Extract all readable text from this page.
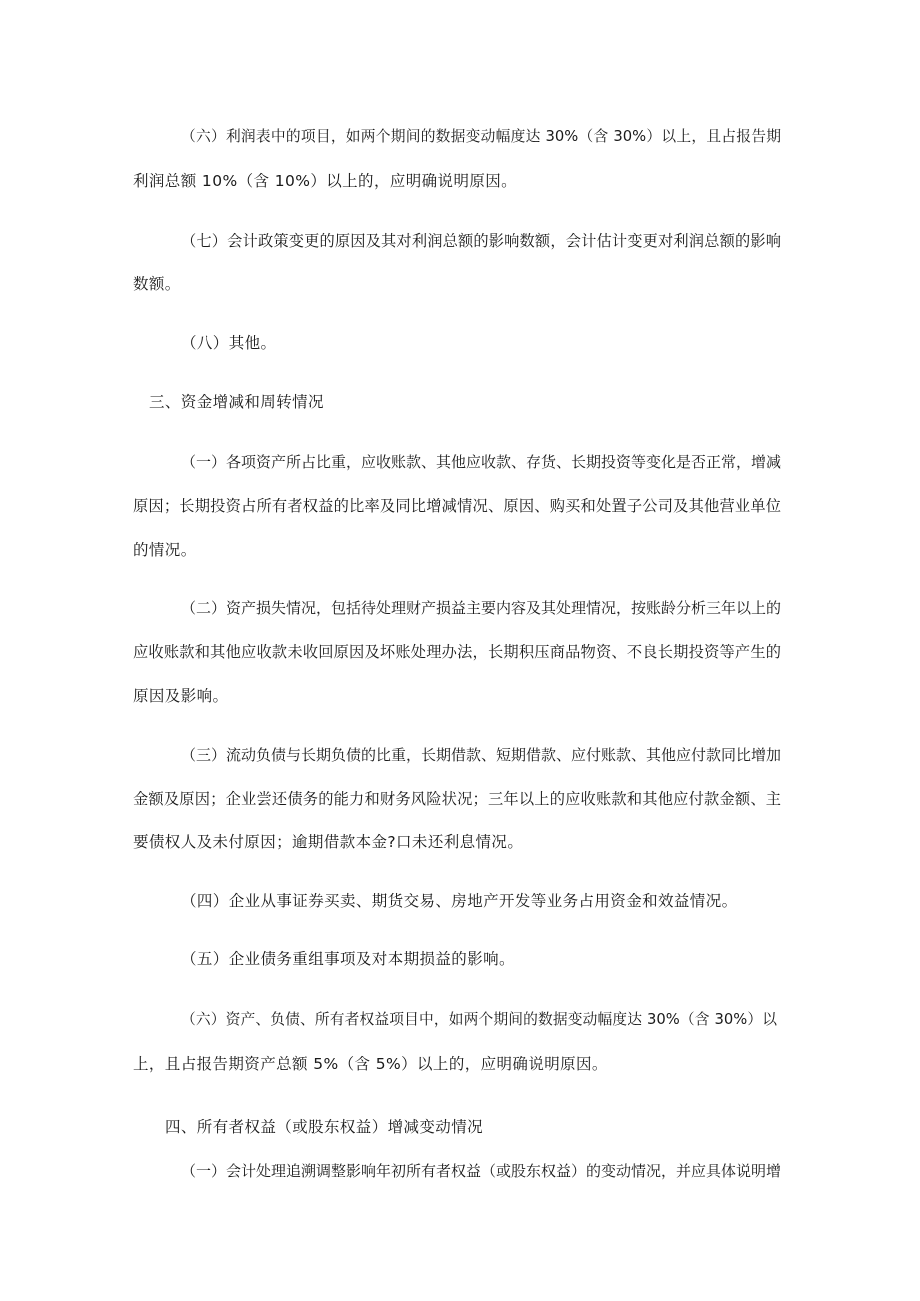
（六）利润表中的项目，如两个期间的数据变动幅度达 30%（含 30%）以上，且占报告期
利润总额 10%（含 10%）以上的，应明确说明原因。
（七）会计政策变更的原因及其对利润总额的影响数额，会计估计变更对利润总额的影响
数额。
（八）其他。
三、资金增减和周转情况
（一）各项资产所占比重，应收账款、其他应收款、存货、长期投资等变化是否正常，增减
原因；长期投资占所有者权益的比率及同比增减情况、原因、购买和处置子公司及其他营业单位
的情况。
（二）资产损失情况，包括待处理财产损益主要内容及其处理情况，按账龄分析三年以上的
应收账款和其他应收款未收回原因及坏账处理办法，长期积压商品物资、不良长期投资等产生的
原因及影响。
（三）流动负债与长期负债的比重，长期借款、短期借款、应付账款、其他应付款同比增加
金额及原因；企业尝还债务的能力和财务风险状况；三年以上的应收账款和其他应付款金额、主
要债权人及未付原因；逾期借款本金?口未还利息情况。
（四）企业从事证券买卖、期货交易、房地产开发等业务占用资金和效益情况。
（五）企业债务重组事项及对本期损益的影响。
（六）资产、负债、所有者权益项目中，如两个期间的数据变动幅度达 30%（含 30%）以
上，且占报告期资产总额 5%（含 5%）以上的，应明确说明原因。
四、所有者权益（或股东权益）增减变动情况
（一）会计处理追溯调整影响年初所有者权益（或股东权益）的变动情况，并应具体说明增
